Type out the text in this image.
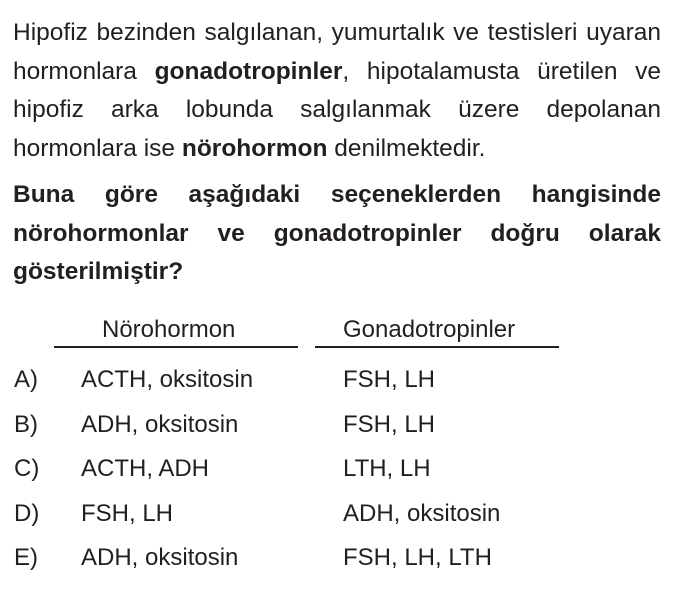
Hipofiz bezinden salgılanan, yumurtalık ve testisleri uyaran hormonlara gonadotropinler, hipotalamusta üretilen ve hipofiz arka lobunda salgılanmak üzere depolanan hormonlara ise nörohormon denilmektedir.
Buna göre aşağıdaki seçeneklerden hangisinde nörohormonlar ve gonadotropinler doğru olarak gösterilmiştir?
Nörohormon	Gonadotropinler
A) ACTH, oksitosin	FSH, LH
B) ADH, oksitosin	FSH, LH
C) ACTH, ADH	LTH, LH
D) FSH, LH	ADH, oksitosin
E) ADH, oksitosin	FSH, LH, LTH
